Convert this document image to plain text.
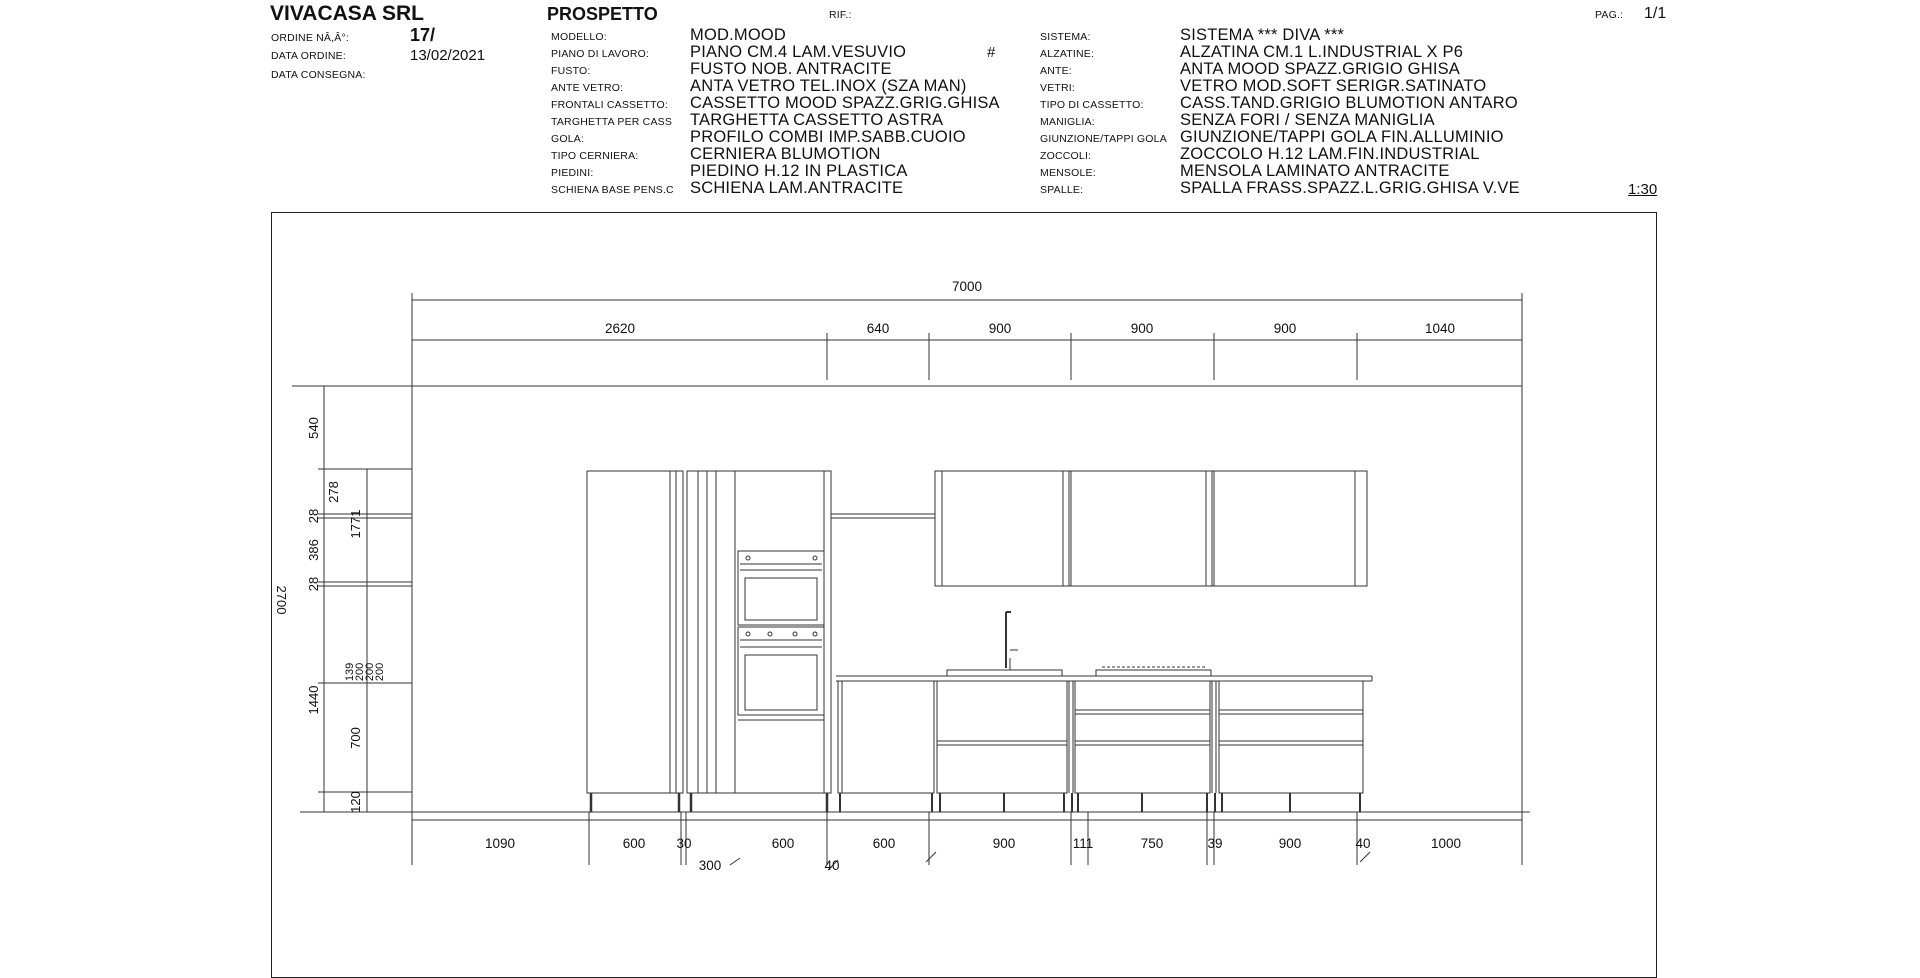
VIVACASA SRL
ORDINE NÂ,Â°:	17/
DATA ORDINE:	13/02/2021
DATA CONSEGNA:
PROSPETTO	RIF.:	PAG.: 1/1
#
1:30
MODELLO:	MOD.MOOD
PIANO DI LAVORO: PIANO CM.4 LAM.VESUVIO
FUSTO:	FUSTO NOB. ANTRACITE
ANTE VETRO:	ANTA VETRO TEL.INOX (SZA MAN)
FRONTALI CASSETTO: CASSETTO MOOD SPAZZ.GRIG.GHISA
TARGHETTA PER CASS TARGHETTA CASSETTO ASTRA
GOLA:	PROFILO COMBI IMP.SABB.CUOIO
TIPO CERNIERA:	CERNIERA BLUMOTION
PIEDINI:	PIEDINO H.12 IN PLASTICA
SCHIENA BASE PENS.C SCHIENA LAM.ANTRACITE
SISTEMA:	SISTEMA *** DIVA ***
ALZATINE:	ALZATINA CM.1 L.INDUSTRIAL X P6
ANTE:	ANTA MOOD SPAZZ.GRIGIO GHISA
VETRI:	VETRO MOD.SOFT SERIGR.SATINATO
TIPO DI CASSETTO: CASS.TAND.GRIGIO BLUMOTION ANTARO
MANIGLIA:	SENZA FORI / SENZA MANIGLIA
GIUNZIONE/TAPPI GOLA GIUNZIONE/TAPPI GOLA FIN.ALLUMINIO
ZOCCOLI:	ZOCCOLO H.12 LAM.FIN.INDUSTRIAL
MENSOLE:	MENSOLA LAMINATO ANTRACITE
SPALLE:	SPALLA FRASS.SPAZZ.L.GRIG.GHISA V.VE
7000
2620	640	900	900	900	1040
540
278
28
386
28
1440
700
120
1771
139
200
200
200
2700
1090	600 30	600	600	900	111	750	39	900	40	1000
300	40
